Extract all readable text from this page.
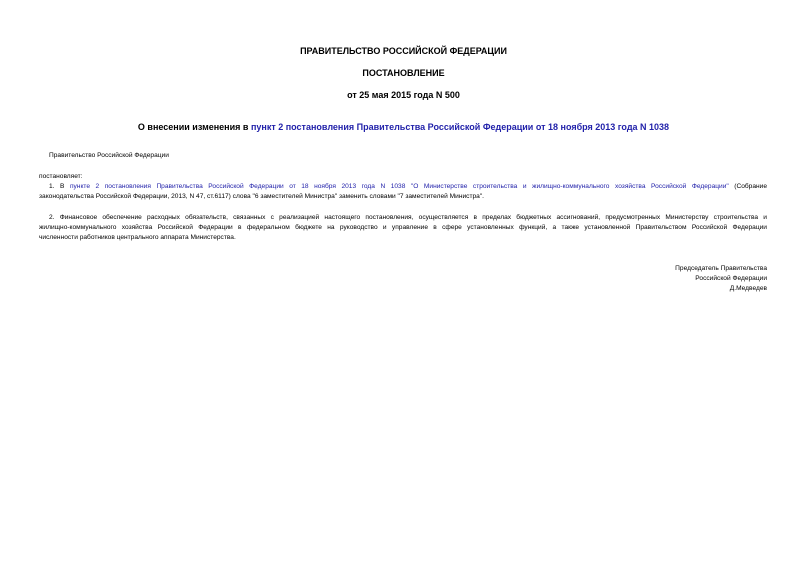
ПРАВИТЕЛЬСТВО РОССИЙСКОЙ ФЕДЕРАЦИИ
ПОСТАНОВЛЕНИЕ
от 25 мая 2015 года N 500
О внесении изменения в пункт 2 постановления Правительства Российской Федерации от 18 ноября 2013 года N 1038
Правительство Российской Федерации
постановляет:
1. В пункте 2 постановления Правительства Российской Федерации от 18 ноября 2013 года N 1038 "О Министерстве строительства и жилищно-коммунального хозяйства Российской Федерации" (Собрание
законодательства Российской Федерации, 2013, N 47, ст.6117) слова "6 заместителей Министра" заменить словами "7 заместителей Министра".
2. Финансовое обеспечение расходных обязательств, связанных с реализацией настоящего постановления, осуществляется в пределах бюджетных ассигнований, предусмотренных Министерству строительства и
жилищно-коммунального хозяйства Российской Федерации в федеральном бюджете на руководство и управление в сфере установленных функций, а также установленной Правительством Российской Федерации
численности работников центрального аппарата Министерства.
Председатель Правительства
Российской Федерации
Д.Медведев
